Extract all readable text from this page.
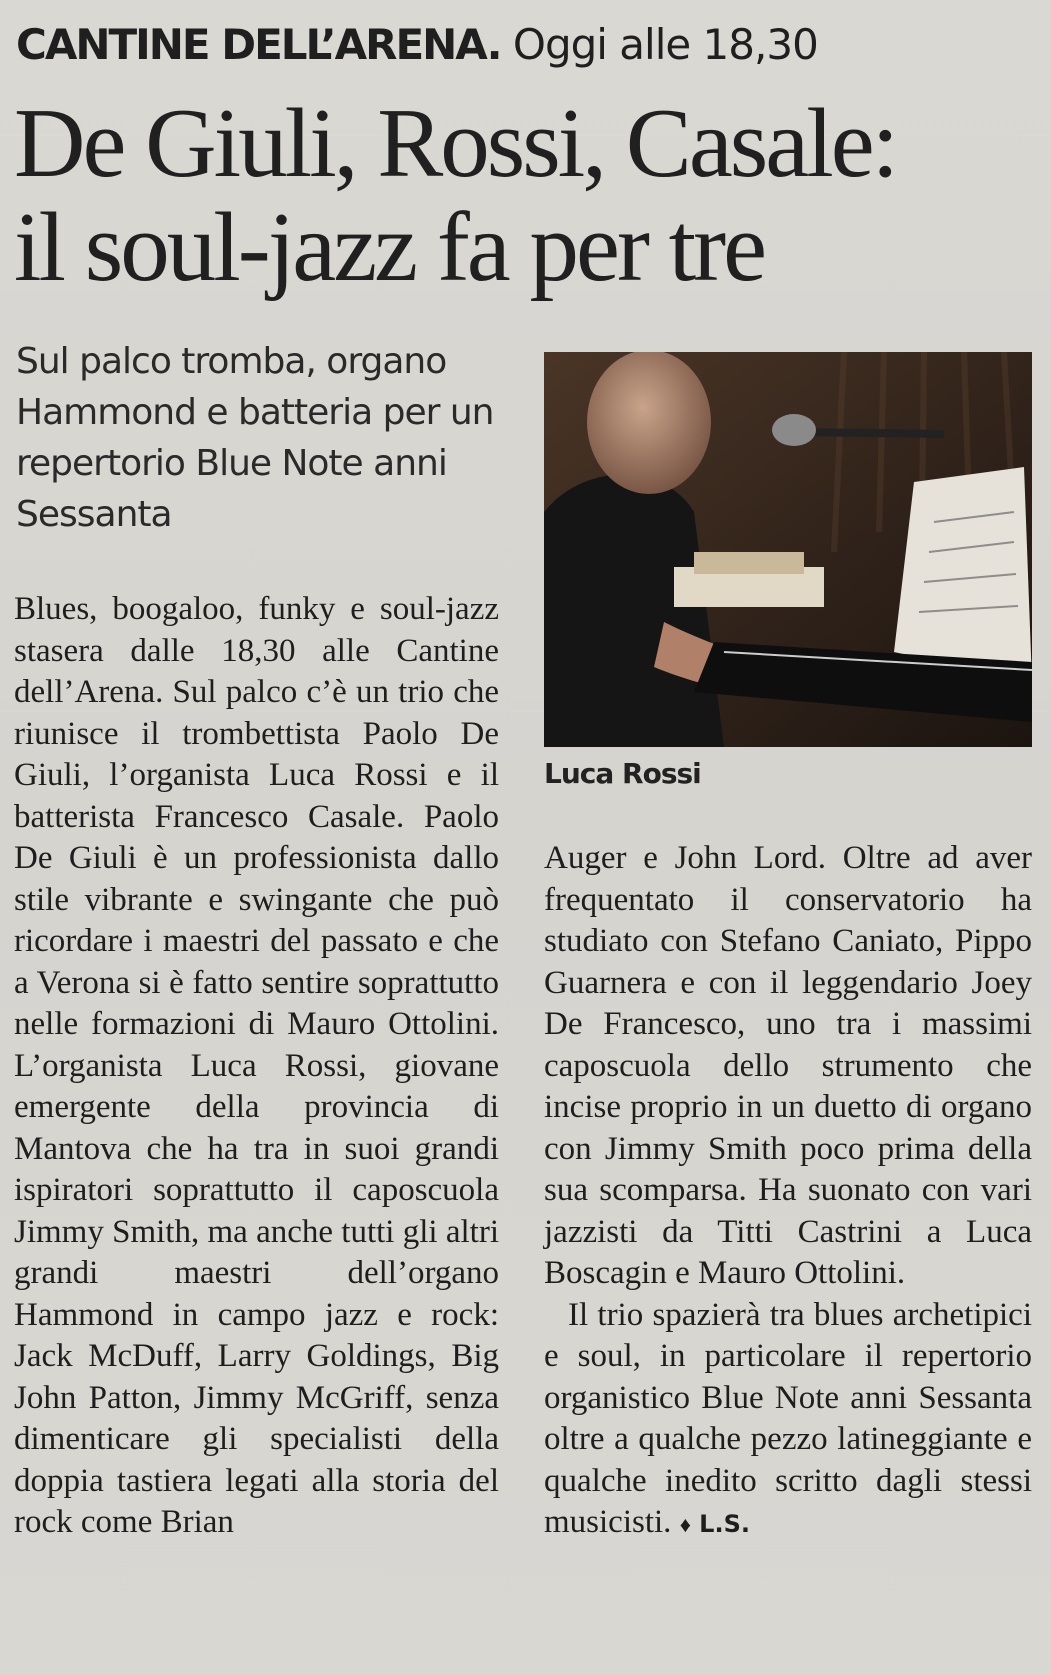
CANTINE DELL’ARENA. Oggi alle 18,30
De Giuli, Rossi, Casale:
il soul-jazz fa per tre

Sul palco tromba, organo Hammond e batteria per un repertorio Blue Note anni Sessanta

Luca Rossi

Blues, boogaloo, funky e soul-jazz stasera dalle 18,30 alle Cantine dell’Arena. Sul palco c’è un trio che riunisce il trombettista Paolo De Giuli, l’organista Luca Rossi e il batterista Francesco Casale. Paolo De Giuli è un professionista dallo stile vibrante e swingante che può ricordare i maestri del passato e che a Verona si è fatto sentire soprattutto nelle formazioni di Mauro Ottolini. L’organista Luca Rossi, giovane emergente della provincia di Mantova che ha tra in suoi grandi ispiratori soprattutto il caposcuola Jimmy Smith, ma anche tutti gli altri grandi maestri dell’organo Hammond in campo jazz e rock: Jack McDuff, Larry Goldings, Big John Patton, Jimmy McGriff, senza dimenticare gli specialisti della doppia tastiera legati alla storia del rock come Brian

Auger e John Lord. Oltre ad aver frequentato il conservatorio ha studiato con Stefano Caniato, Pippo Guarnera e con il leggendario Joey De Francesco, uno tra i massimi caposcuola dello strumento che incise proprio in un duetto di organo con Jimmy Smith poco prima della sua scomparsa. Ha suonato con vari jazzisti da Titti Castrini a Luca Boscagin e Mauro Ottolini.

Il trio spazierà tra blues archetipici e soul, in particolare il repertorio organistico Blue Note anni Sessanta oltre a qualche pezzo latineggiante e qualche inedito scritto dagli stessi musicisti. ♦ L.S.
